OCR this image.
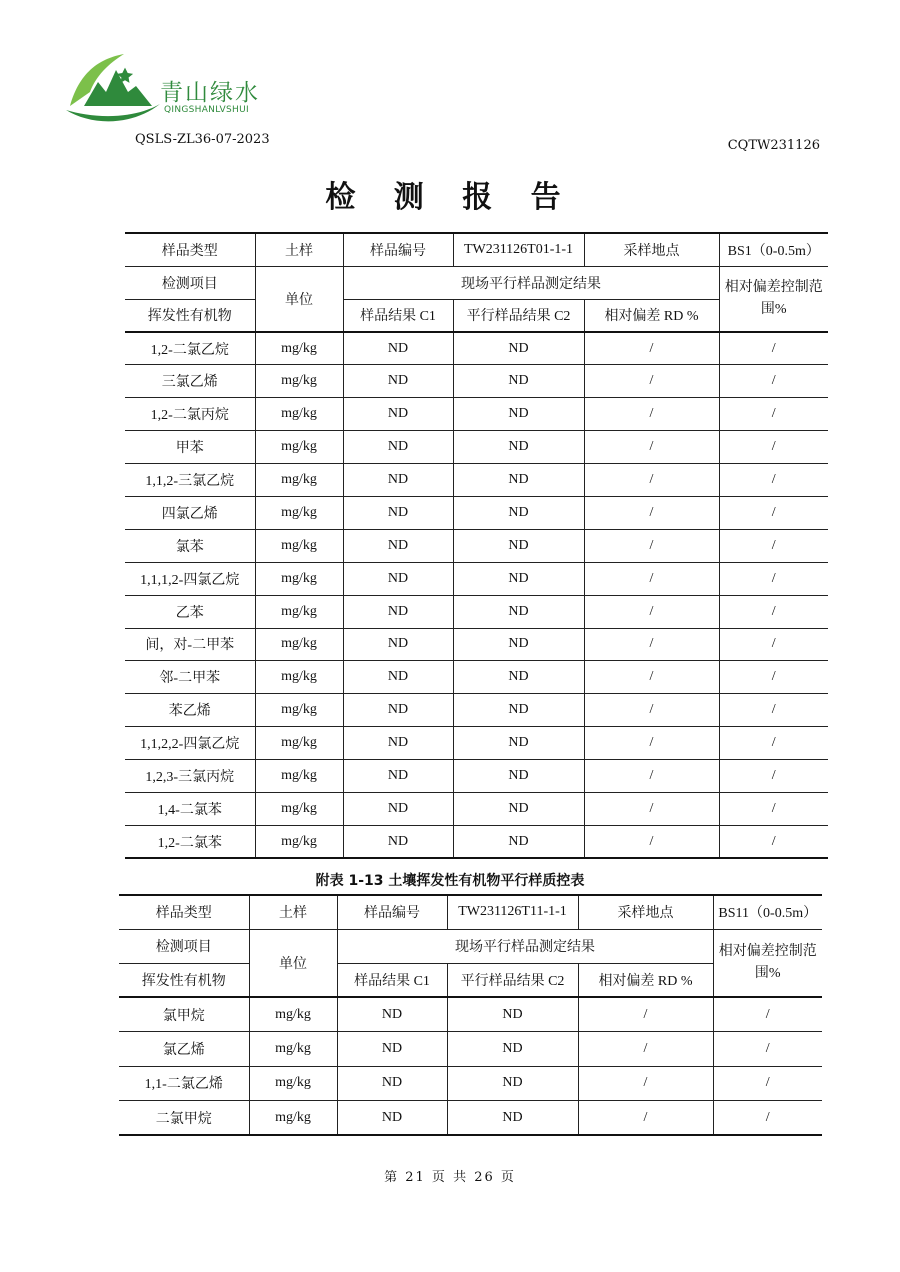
青山绿水
QINGSHANLVSHUI
QSLS-ZL36-07-2023	CQTW231126
检 测 报 告
样品类型	土样	样品编号	TW231126T01-1-1	采样地点	BS1（0-0.5m）
检测项目	单位	现场平行样品测定结果			相对偏差控制范围%
挥发性有机物		样品结果 C1	平行样品结果 C2	相对偏差 RD %	
1,2-二氯乙烷	mg/kg	ND	ND	/	/
三氯乙烯	mg/kg	ND	ND	/	/
1,2-二氯丙烷	mg/kg	ND	ND	/	/
甲苯	mg/kg	ND	ND	/	/
1,1,2-三氯乙烷	mg/kg	ND	ND	/	/
四氯乙烯	mg/kg	ND	ND	/	/
氯苯	mg/kg	ND	ND	/	/
1,1,1,2-四氯乙烷	mg/kg	ND	ND	/	/
乙苯	mg/kg	ND	ND	/	/
间，对-二甲苯	mg/kg	ND	ND	/	/
邻-二甲苯	mg/kg	ND	ND	/	/
苯乙烯	mg/kg	ND	ND	/	/
1,1,2,2-四氯乙烷	mg/kg	ND	ND	/	/
1,2,3-三氯丙烷	mg/kg	ND	ND	/	/
1,4-二氯苯	mg/kg	ND	ND	/	/
1,2-二氯苯	mg/kg	ND	ND	/	/
附表 1-13 土壤挥发性有机物平行样质控表
样品类型	土样	样品编号	TW231126T11-1-1	采样地点	BS11（0-0.5m）
检测项目	单位	现场平行样品测定结果			相对偏差控制范围%
挥发性有机物		样品结果 C1	平行样品结果 C2	相对偏差 RD %	
氯甲烷	mg/kg	ND	ND	/	/
氯乙烯	mg/kg	ND	ND	/	/
1,1-二氯乙烯	mg/kg	ND	ND	/	/
二氯甲烷	mg/kg	ND	ND	/	/
第 21 页 共 26 页
